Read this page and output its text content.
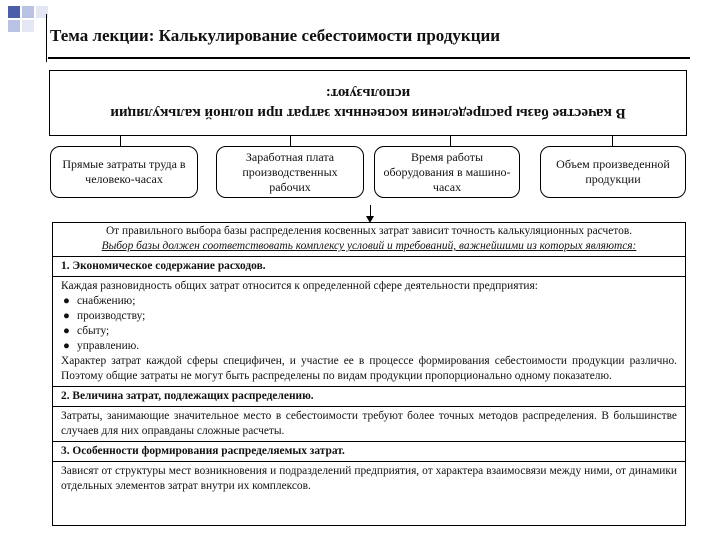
Тема лекции: Калькулирование себестоимости продукции
В качестве базы распределения косвенных затрат при полной калькуляции
используют:
Прямые затраты труда в человеко-часах
Заработная плата производственных рабочих
Время работы оборудования в машино-часах
Объем произведенной продукции

От правильного выбора базы распределения косвенных затрат зависит точность калькуляционных расчетов.

Выбор базы должен соответствовать комплексу условий и требований, важнейшими из которых являются:

1. Экономическое содержание расходов.

Каждая разновидность общих затрат относится к определенной сфере деятельности предприятия:

● снабжению;

● производству;

● сбыту;

● управлению.

Характер затрат каждой сферы специфичен, и участие ее в процессе формирования себестоимости продукции различно. Поэтому общие затраты не могут быть распределены по видам продукции пропорционально одному показателю.

2. Величина затрат, подлежащих распределению.

Затраты, занимающие значительное место в себестоимости требуют более точных методов распределения. В большинстве случаев для них оправданы сложные расчеты.

3. Особенности формирования распределяемых затрат.

Зависят от структуры мест возникновения и подразделений предприятия, от характера взаимосвязи между ними, от динамики отдельных элементов затрат внутри их комплексов.
